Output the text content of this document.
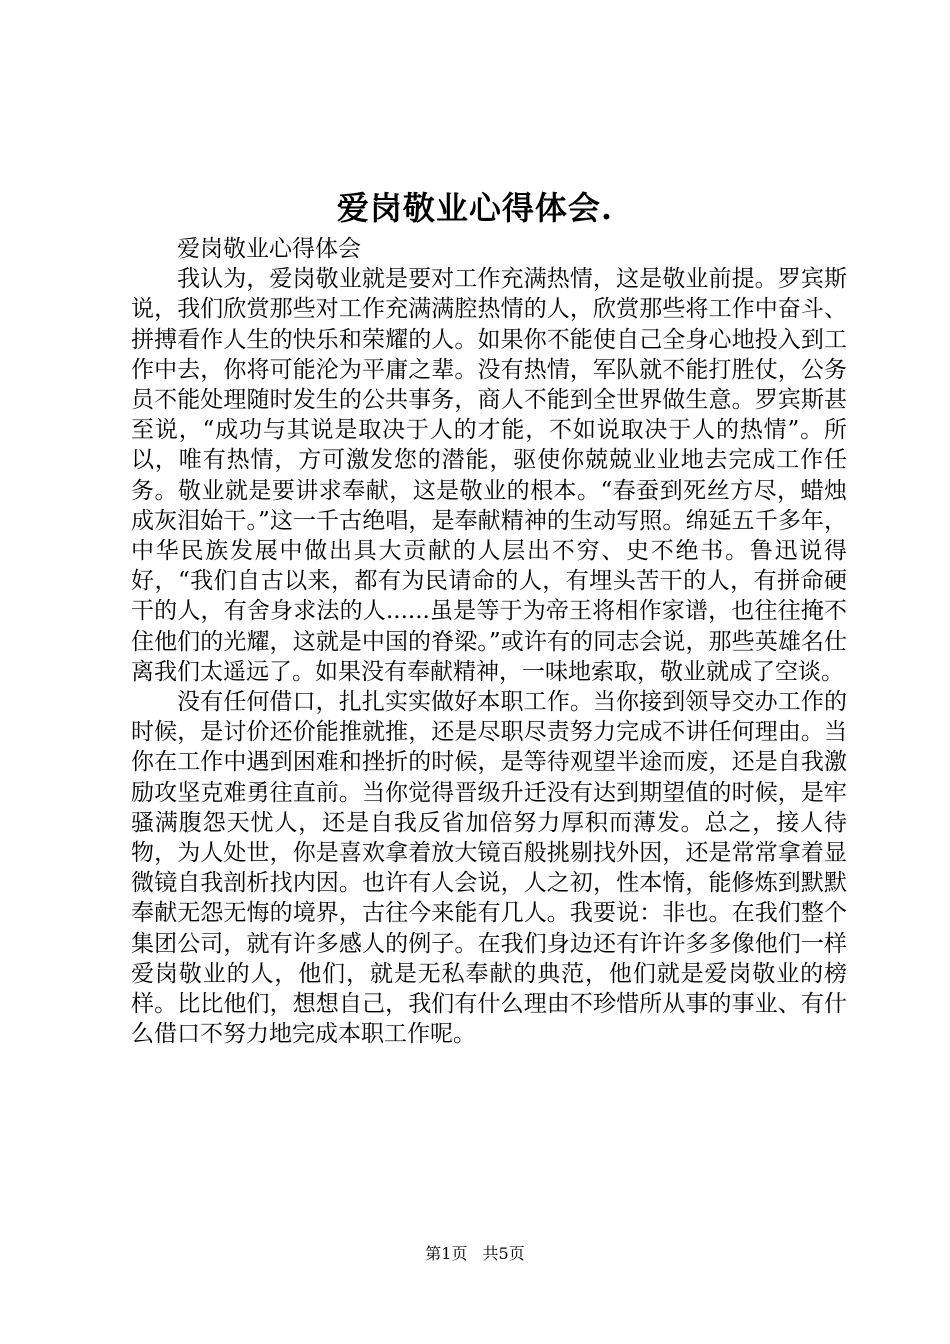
爱岗敬业心得体会.

爱岗敬业心得体会

我认为，爱岗敬业就是要对工作充满热情，这是敬业前提。罗宾斯说，我们欣赏那些对工作充满满腔热情的人，欣赏那些将工作中奋斗、拼搏看作人生的快乐和荣耀的人。如果你不能使自己全身心地投入到工作中去，你将可能沦为平庸之辈。没有热情，军队就不能打胜仗，公务员不能处理随时发生的公共事务，商人不能到全世界做生意。罗宾斯甚至说，“成功与其说是取决于人的才能，不如说取决于人的热情”。所以，唯有热情，方可激发您的潜能，驱使你兢兢业业地去完成工作任务。敬业就是要讲求奉献，这是敬业的根本。“春蚕到死丝方尽，蜡烛成灰泪始干。”这一千古绝唱，是奉献精神的生动写照。绵延五千多年，中华民族发展中做出具大贡献的人层出不穷、史不绝书。鲁迅说得好，“我们自古以来，都有为民请命的人，有埋头苦干的人，有拼命硬干的人，有舍身求法的人......虽是等于为帝王将相作家谱，也往往掩不住他们的光耀，这就是中国的脊梁。”或许有的同志会说，那些英雄名仕离我们太遥远了。如果没有奉献精神，一味地索取，敬业就成了空谈。

没有任何借口，扎扎实实做好本职工作。当你接到领导交办工作的时候，是讨价还价能推就推，还是尽职尽责努力完成不讲任何理由。当你在工作中遇到困难和挫折的时候，是等待观望半途而废，还是自我激励攻坚克难勇往直前。当你觉得晋级升迁没有达到期望值的时候，是牢骚满腹怨天忧人，还是自我反省加倍努力厚积而薄发。总之，接人待物，为人处世，你是喜欢拿着放大镜百般挑剔找外因，还是常常拿着显微镜自我剖析找内因。也许有人会说，人之初，性本惰，能修炼到默默奉献无怨无悔的境界，古往今来能有几人。我要说：非也。在我们整个集团公司，就有许多感人的例子。在我们身边还有许许多多像他们一样爱岗敬业的人，他们，就是无私奉献的典范，他们就是爱岗敬业的榜样。比比他们，想想自己，我们有什么理由不珍惜所从事的事业、有什么借口不努力地完成本职工作呢。

第1页 共5页
